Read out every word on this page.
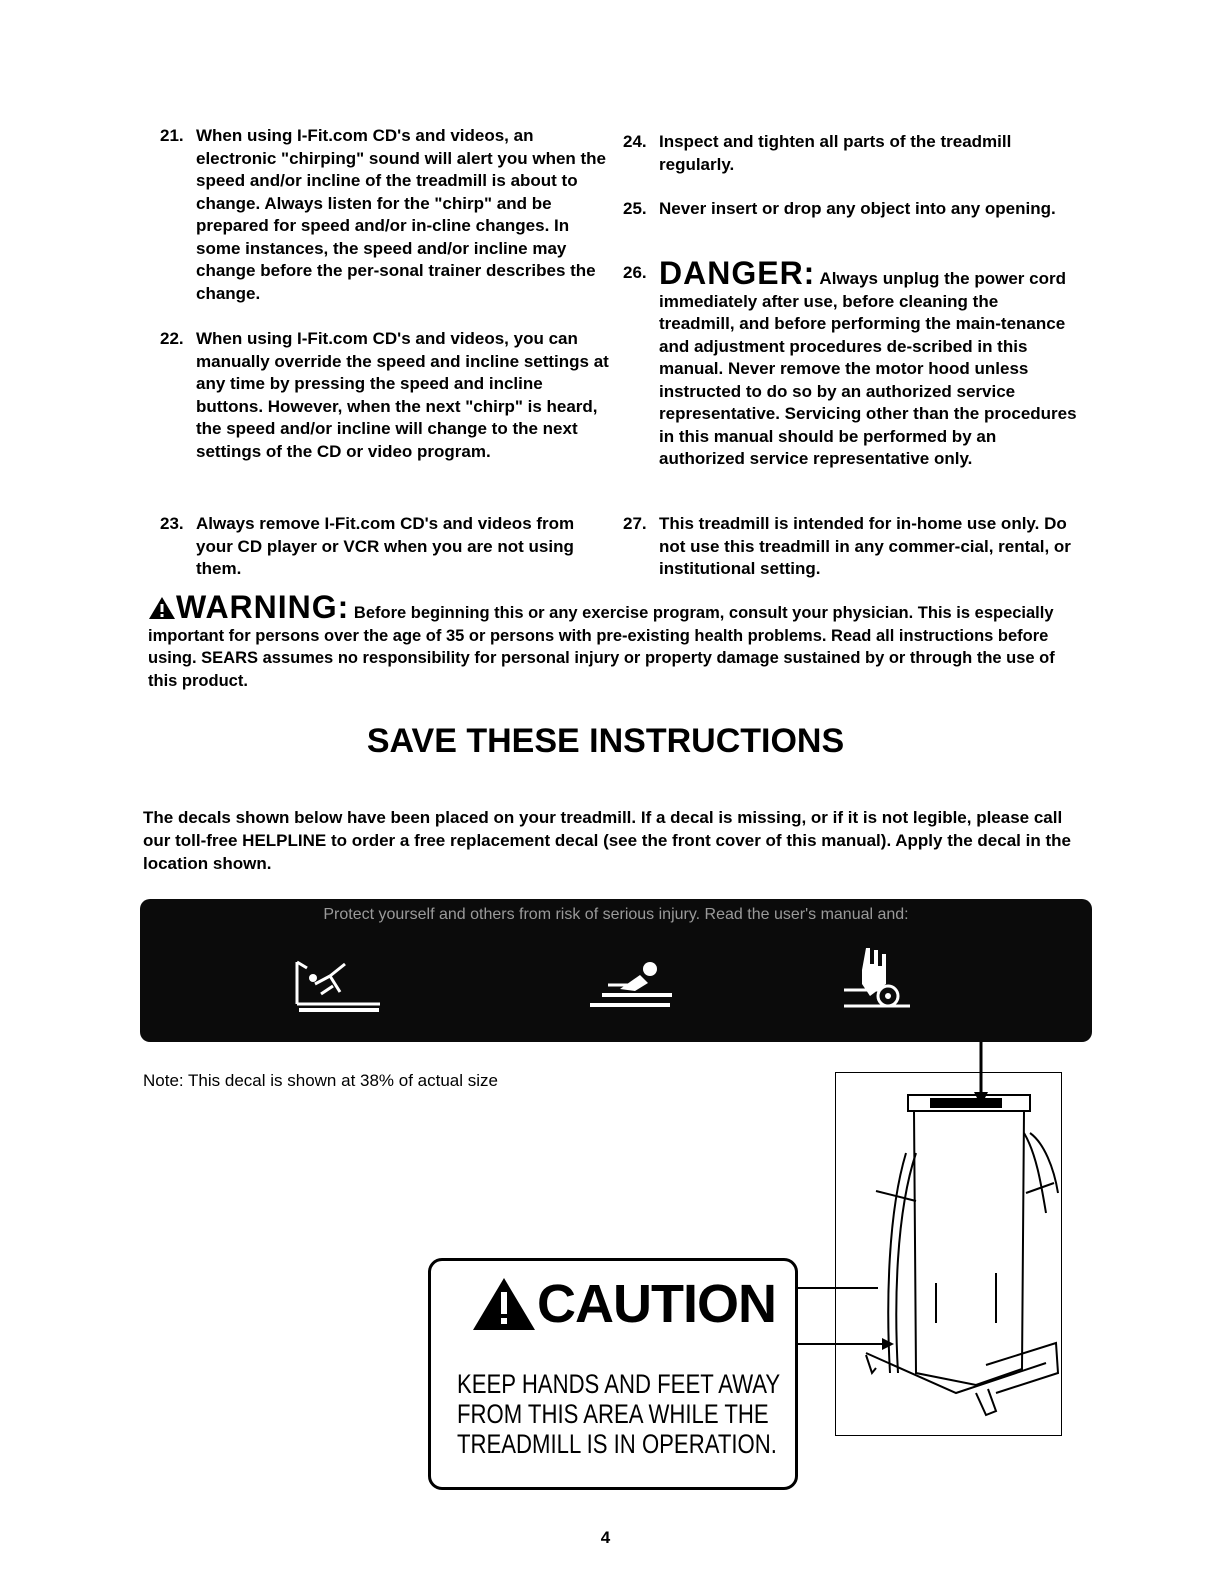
21. When using I-Fit.com CD's and videos, an electronic "chirping" sound will alert you when the speed and/or incline of the treadmill is about to change. Always listen for the "chirp" and be prepared for speed and/or in-cline changes. In some instances, the speed and/or incline may change before the per-sonal trainer describes the change.
22. When using I-Fit.com CD's and videos, you can manually override the speed and incline settings at any time by pressing the speed and incline buttons. However, when the next "chirp" is heard, the speed and/or incline will change to the next settings of the CD or video program.
23. Always remove I-Fit.com CD's and videos from your CD player or VCR when you are not using them.
24. Inspect and tighten all parts of the treadmill regularly.
25. Never insert or drop any object into any opening.
26. DANGER: Always unplug the power cord immediately after use, before cleaning the treadmill, and before performing the main-tenance and adjustment procedures de-scribed in this manual. Never remove the motor hood unless instructed to do so by an authorized service representative. Servicing other than the procedures in this manual should be performed by an authorized service representative only.
27. This treadmill is intended for in-home use only. Do not use this treadmill in any commer-cial, rental, or institutional setting.
WARNING: Before beginning this or any exercise program, consult your physician. This is especially important for persons over the age of 35 or persons with pre-existing health problems. Read all instructions before using. SEARS assumes no responsibility for personal injury or property damage sustained by or through the use of this product.
SAVE THESE INSTRUCTIONS
The decals shown below have been placed on your treadmill. If a decal is missing, or if it is not legible, please call our toll-free HELPLINE to order a free replacement decal (see the front cover of this manual). Apply the decal in the location shown.
Protect yourself and others from risk of serious injury. Read the user's manual and:
Note: This decal is shown at 38% of actual size
CAUTION
KEEP HANDS AND FEET AWAY
FROM THIS AREA WHILE THE
TREADMILL IS IN OPERATION.
4
